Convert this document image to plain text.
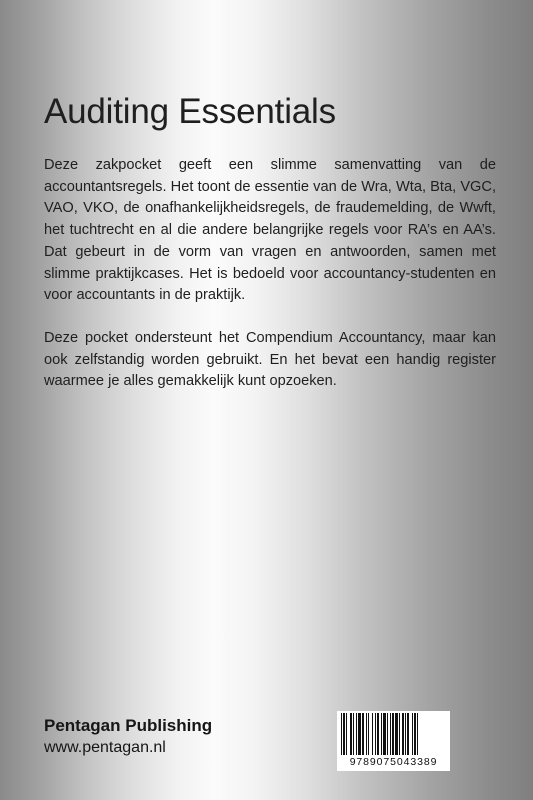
Auditing Essentials

Deze zakpocket geeft een slimme samenvatting van de accountantsregels. Het toont de essentie van de Wra, Wta, Bta, VGC, VAO, VKO, de onafhankelijkheidsregels, de fraudemelding, de Wwft, het tuchtrecht en al die andere belangrijke regels voor RA’s en AA’s. Dat gebeurt in de vorm van vragen en antwoorden, samen met slimme praktijkcases. Het is bedoeld voor accountancy-studenten en voor accountants in de praktijk.

Deze pocket ondersteunt het Compendium Accountancy, maar kan ook zelfstandig worden gebruikt. En het bevat een handig register waarmee je alles gemakkelijk kunt opzoeken.

Pentagan Publishing
www.pentagan.nl
9789075043389
